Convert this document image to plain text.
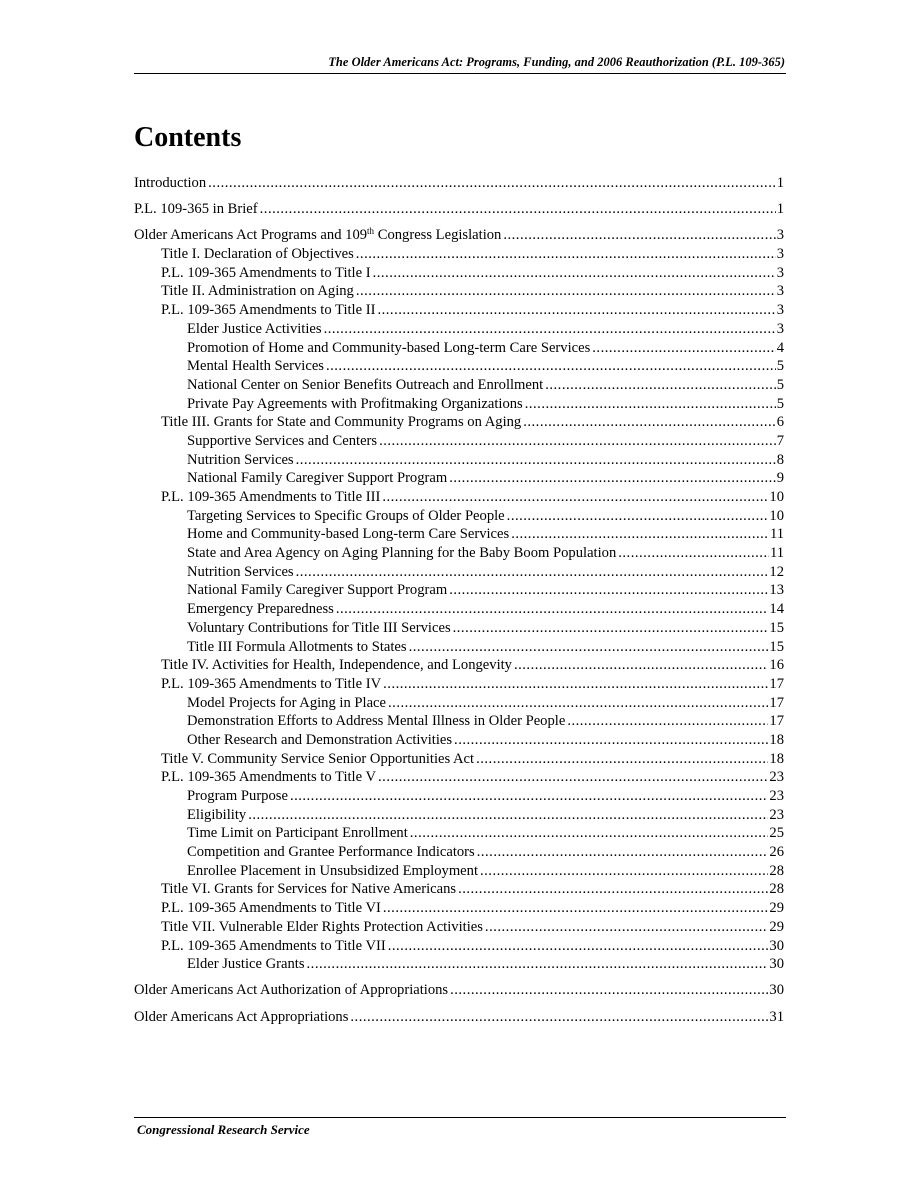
The Older Americans Act: Programs, Funding, and 2006 Reauthorization (P.L. 109-365)
Contents
Introduction .....	1
P.L. 109-365 in Brief .....	1
Older Americans Act Programs and 109th Congress Legislation .....	3
Title I. Declaration of Objectives .....	3
P.L. 109-365 Amendments to Title I .....	3
Title II. Administration on Aging .....	3
P.L. 109-365 Amendments to Title II .....	3
Elder Justice Activities .....	3
Promotion of Home and Community-based Long-term Care Services .....	4
Mental Health Services .....	5
National Center on Senior Benefits Outreach and Enrollment .....	5
Private Pay Agreements with Profitmaking Organizations .....	5
Title III. Grants for State and Community Programs on Aging .....	6
Supportive Services and Centers .....	7
Nutrition Services .....	8
National Family Caregiver Support Program .....	9
P.L. 109-365 Amendments to Title III .....	10
Targeting Services to Specific Groups of Older People .....	10
Home and Community-based Long-term Care Services .....	11
State and Area Agency on Aging Planning for the Baby Boom Population .....	11
Nutrition Services .....	12
National Family Caregiver Support Program .....	13
Emergency Preparedness .....	14
Voluntary Contributions for Title III Services .....	15
Title III Formula Allotments to States .....	15
Title IV. Activities for Health, Independence, and Longevity .....	16
P.L. 109-365 Amendments to Title IV .....	17
Model Projects for Aging in Place .....	17
Demonstration Efforts to Address Mental Illness in Older People .....	17
Other Research and Demonstration Activities .....	18
Title V. Community Service Senior Opportunities Act .....	18
P.L. 109-365 Amendments to Title V .....	23
Program Purpose .....	23
Eligibility .....	23
Time Limit on Participant Enrollment .....	25
Competition and Grantee Performance Indicators .....	26
Enrollee Placement in Unsubsidized Employment .....	28
Title VI. Grants for Services for Native Americans .....	28
P.L. 109-365 Amendments to Title VI .....	29
Title VII. Vulnerable Elder Rights Protection Activities .....	29
P.L. 109-365 Amendments to Title VII .....	30
Elder Justice Grants .....	30
Older Americans Act Authorization of Appropriations .....	30
Older Americans Act Appropriations .....	31
Congressional Research Service
